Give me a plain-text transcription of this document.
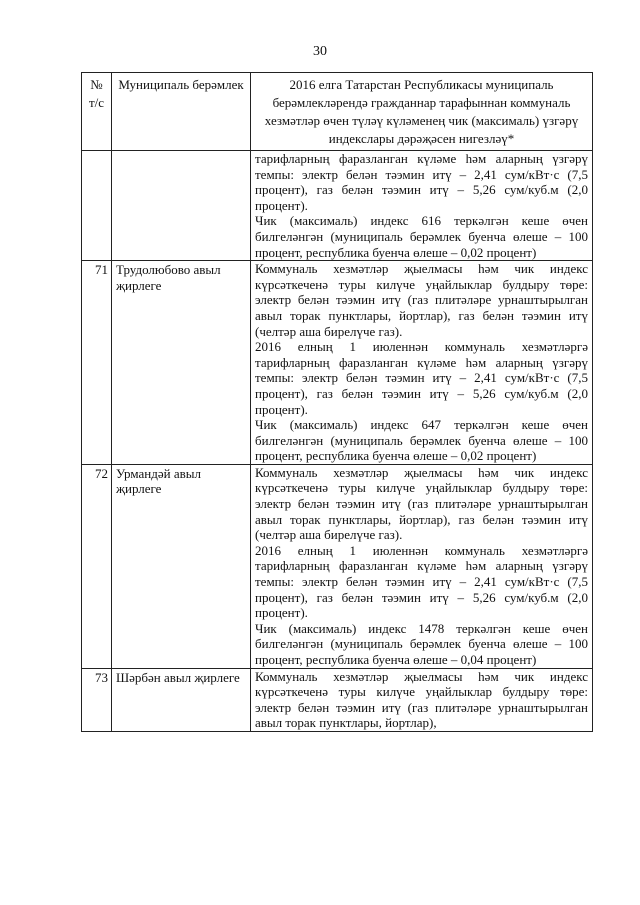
30
№ т/с	Муниципаль берәмлек	2016 елга Татарстан Республикасы муниципаль берәмлекләрендә гражданнар тарафыннан коммуналь хезмәтләр өчен түләү күләменең чик (максималь) үзгәрү индекслары дәрәҗәсен нигезләү*

		тарифларның фаразланган күләме һәм аларның үзгәрү темпы: электр белән тәэмин итү – 2,41 сум/кВт·с (7,5 процент), газ белән тәэмин итү – 5,26 сум/куб.м (2,0 процент).

Чик (максималь) индекс 616 теркәлгән кеше өчен билгеләнгән (муниципаль берәмлек буенча өлеше – 100 процент, республика буенча өлеше – 0,02 процент)

71	Трудолюбово авыл җирлеге	Коммуналь хезмәтләр җыелмасы һәм чик индекс күрсәткеченә туры килүче уңайлыклар булдыру төре: электр белән тәэмин итү (газ плитәләре урнаштырылган авыл торак пунктлары, йортлар), газ белән тәэмин итү (челтәр аша бирелүче газ).

2016 елның 1 июленнән коммуналь хезмәтләргә тарифларның фаразланган күләме һәм аларның үзгәрү темпы: электр белән тәэмин итү – 2,41 сум/кВт·с (7,5 процент), газ белән тәэмин итү – 5,26 сум/куб.м (2,0 процент).

Чик (максималь) индекс 647 теркәлгән кеше өчен билгеләнгән (муниципаль берәмлек буенча өлеше – 100 процент, республика буенча өлеше – 0,02 процент)

72	Урмандәй авыл җирлеге	Коммуналь хезмәтләр җыелмасы һәм чик индекс күрсәткеченә туры килүче уңайлыклар булдыру төре: электр белән тәэмин итү (газ плитәләре урнаштырылган авыл торак пунктлары, йортлар), газ белән тәэмин итү (челтәр аша бирелүче газ).

2016 елның 1 июленнән коммуналь хезмәтләргә тарифларның фаразланган күләме һәм аларның үзгәрү темпы: электр белән тәэмин итү – 2,41 сум/кВт·с (7,5 процент), газ белән тәэмин итү – 5,26 сум/куб.м (2,0 процент).

Чик (максималь) индекс 1478 теркәлгән кеше өчен билгеләнгән (муниципаль берәмлек буенча өлеше – 100 процент, республика буенча өлеше – 0,04 процент)

73	Шәрбән авыл җирлеге	Коммуналь хезмәтләр җыелмасы һәм чик индекс күрсәткеченә туры килүче уңайлыклар булдыру төре: электр белән тәэмин итү (газ плитәләре урнаштырылган авыл торак пунктлары, йортлар),
